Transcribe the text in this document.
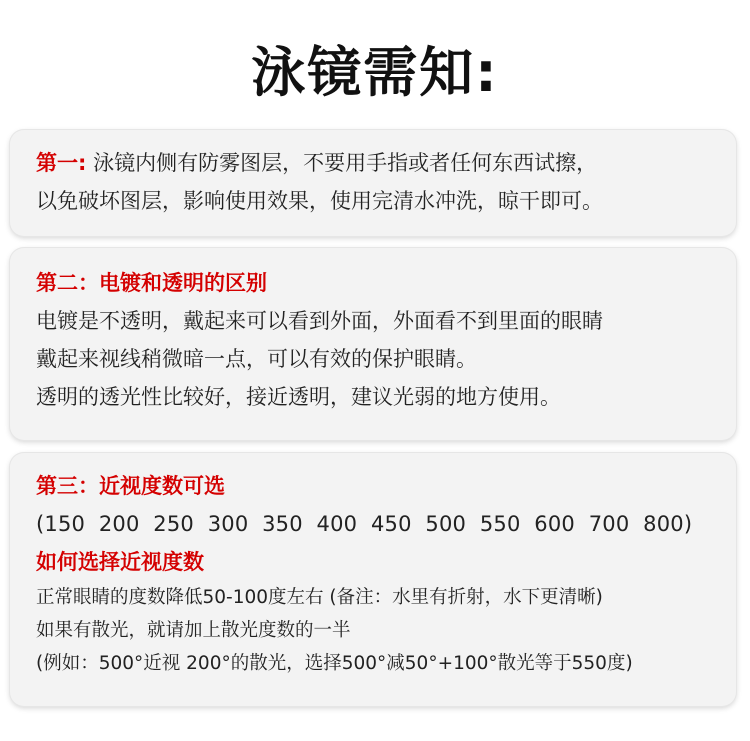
泳镜需知:
第一: 泳镜内侧有防雾图层，不要用手指或者任何东西试擦，
以免破坏图层，影响使用效果，使用完清水冲洗，晾干即可。
第二：电镀和透明的区别
电镀是不透明，戴起来可以看到外面，外面看不到里面的眼睛
戴起来视线稍微暗一点，可以有效的保护眼睛。
透明的透光性比较好，接近透明，建议光弱的地方使用。
第三：近视度数可选
(150  200  250  300  350  400  450  500  550  600  700  800)
如何选择近视度数
正常眼睛的度数降低50-100度左右 (备注：水里有折射，水下更清晰)
如果有散光，就请加上散光度数的一半
(例如：500°近视 200°的散光，选择500°减50°+100°散光等于550度)
